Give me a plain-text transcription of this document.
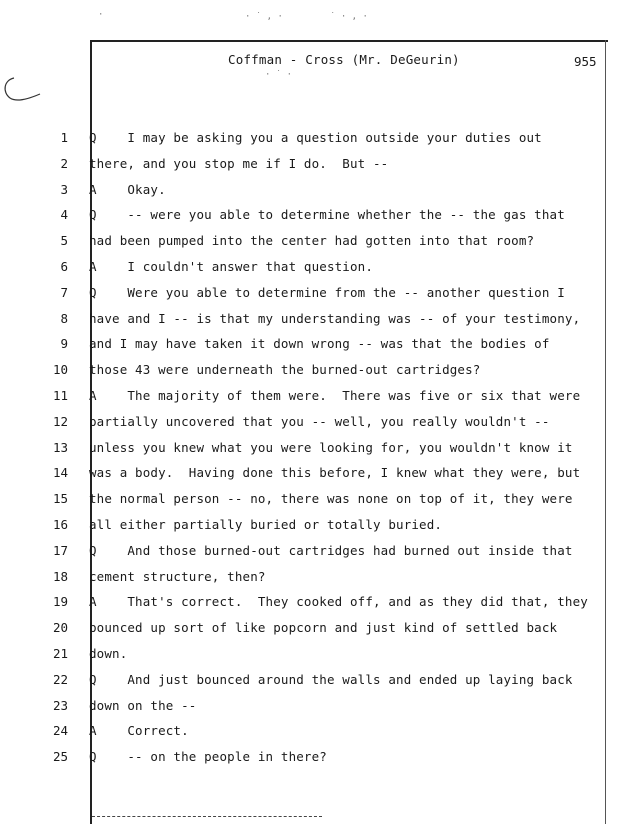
·	· ˙ ‚ ·	˙ · ‚ ·
· ˙ ·
Coffman - Cross (Mr. DeGeurin)	955
1 Q    I may be asking you a question outside your duties out
2 there, and you stop me if I do.  But --
3 A    Okay.
4 Q    -- were you able to determine whether the -- the gas that
5 had been pumped into the center had gotten into that room?
6 A    I couldn't answer that question.
7 Q    Were you able to determine from the -- another question I
8 have and I -- is that my understanding was -- of your testimony,
9 and I may have taken it down wrong -- was that the bodies of
10 those 43 were underneath the burned-out cartridges?
11 A    The majority of them were.  There was five or six that were
12 partially uncovered that you -- well, you really wouldn't --
13 unless you knew what you were looking for, you wouldn't know it
14 was a body.  Having done this before, I knew what they were, but
15 the normal person -- no, there was none on top of it, they were
16 all either partially buried or totally buried.
17 Q    And those burned-out cartridges had burned out inside that
18 cement structure, then?
19 A    That's correct.  They cooked off, and as they did that, they
20 bounced up sort of like popcorn and just kind of settled back
21 down.
22 Q    And just bounced around the walls and ended up laying back
23 down on the --
24 A    Correct.
25 Q    -- on the people in there?
